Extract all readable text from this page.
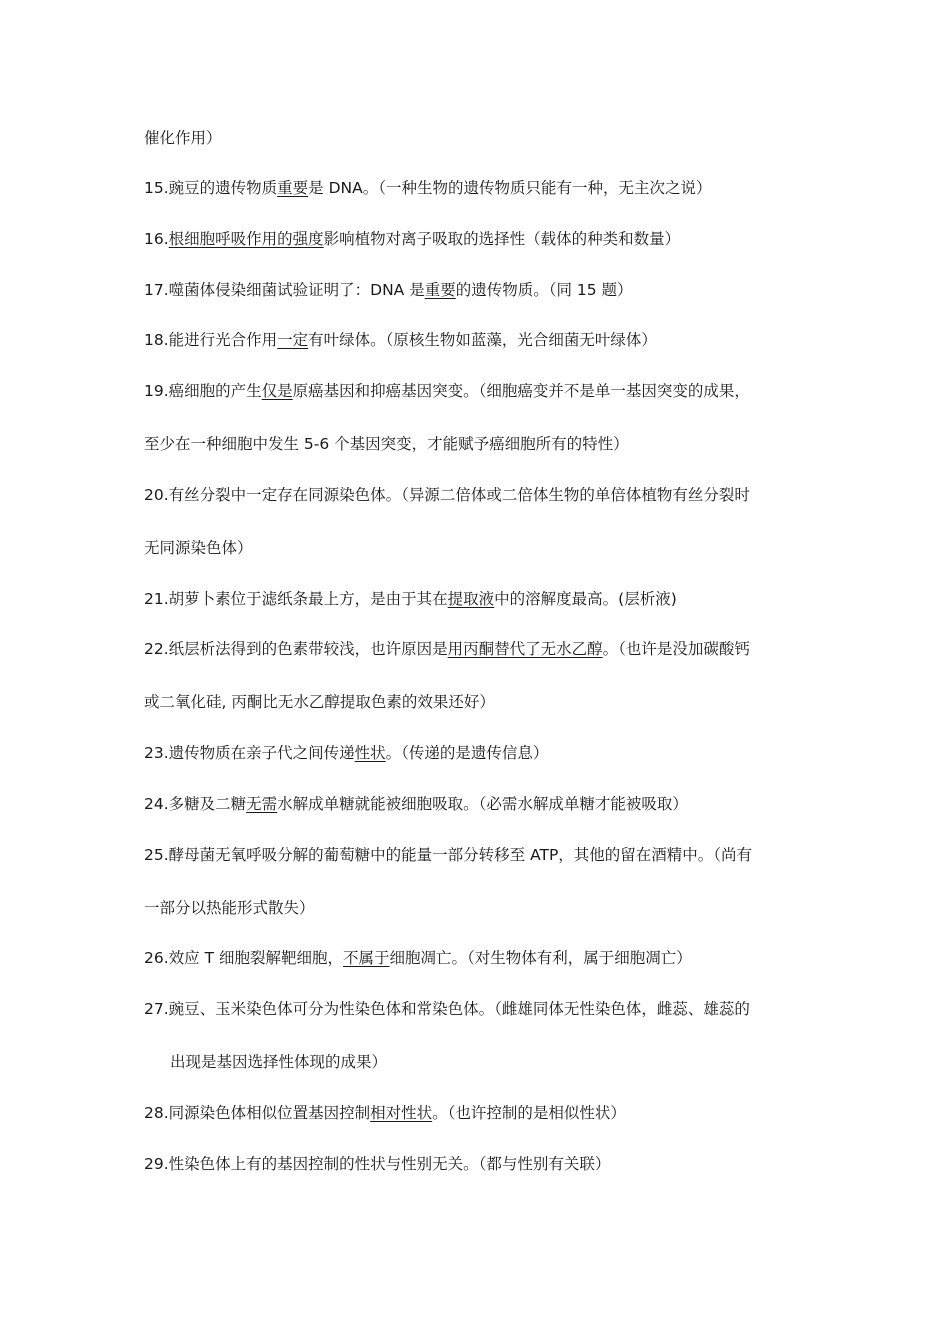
催化作用）
15.豌豆的遗传物质重要是 DNA。（一种生物的遗传物质只能有一种，无主次之说）
16.根细胞呼吸作用的强度影响植物对离子吸取的选择性（载体的种类和数量）
17.噬菌体侵染细菌试验证明了：DNA 是重要的遗传物质。（同 15 题）
18.能进行光合作用一定有叶绿体。（原核生物如蓝藻，光合细菌无叶绿体）
19.癌细胞的产生仅是原癌基因和抑癌基因突变。（细胞癌变并不是单一基因突变的成果，
至少在一种细胞中发生 5-6 个基因突变，才能赋予癌细胞所有的特性）
20.有丝分裂中一定存在同源染色体。（异源二倍体或二倍体生物的单倍体植物有丝分裂时
无同源染色体）
21.胡萝卜素位于滤纸条最上方，是由于其在提取液中的溶解度最高。(层析液)
22.纸层析法得到的色素带较浅，也许原因是用丙酮替代了无水乙醇。（也许是没加碳酸钙
或二氧化硅, 丙酮比无水乙醇提取色素的效果还好）
23.遗传物质在亲子代之间传递性状。（传递的是遗传信息）
24.多糖及二糖无需水解成单糖就能被细胞吸取。（必需水解成单糖才能被吸取）
25.酵母菌无氧呼吸分解的葡萄糖中的能量一部分转移至 ATP，其他的留在酒精中。（尚有
一部分以热能形式散失）
26.效应 T 细胞裂解靶细胞，不属于细胞凋亡。（对生物体有利，属于细胞凋亡）
27.豌豆、玉米染色体可分为性染色体和常染色体。（雌雄同体无性染色体，雌蕊、雄蕊的
出现是基因选择性体现的成果）
28.同源染色体相似位置基因控制相对性状。（也许控制的是相似性状）
29.性染色体上有的基因控制的性状与性别无关。（都与性别有关联）
